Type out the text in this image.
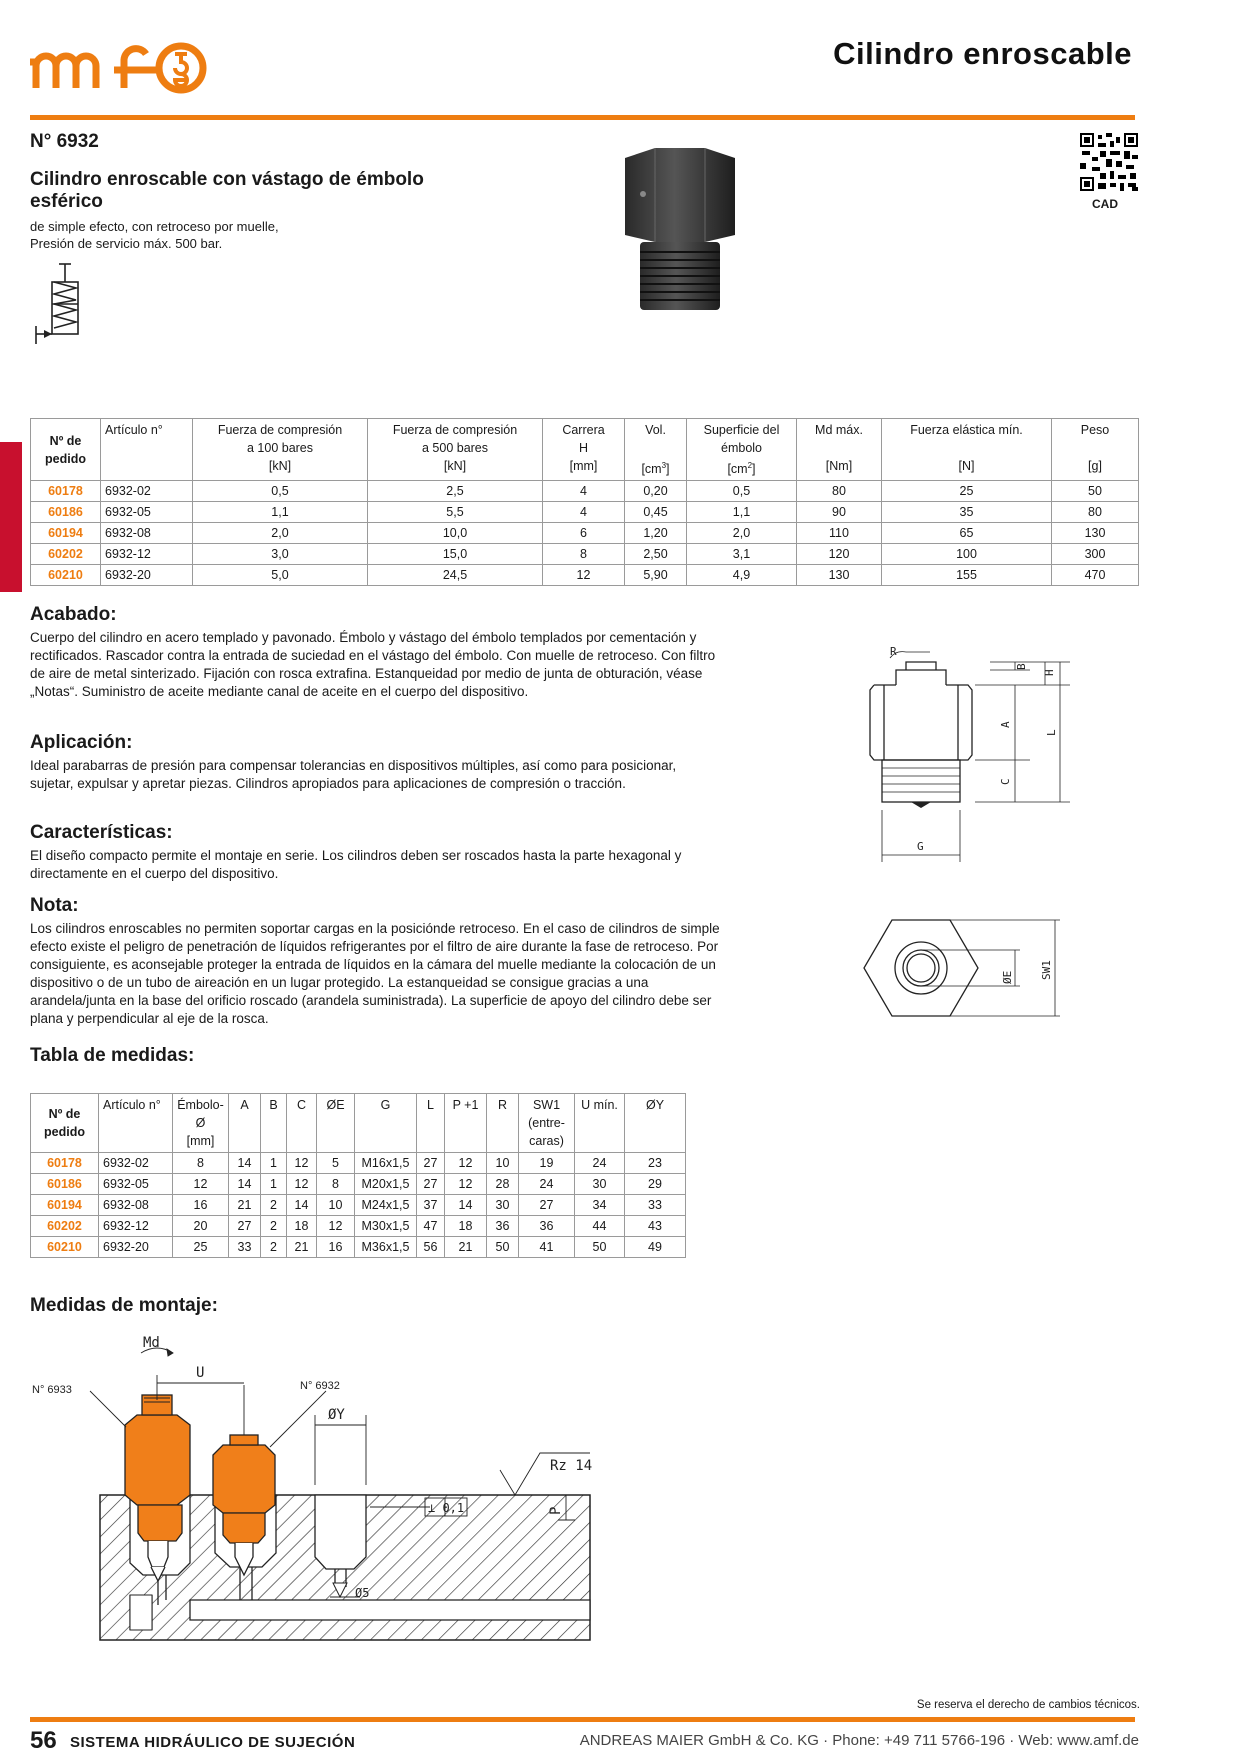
Cilindro enroscable
N° 6932
Cilindro enroscable con vástago de émbolo esférico
de simple efecto, con retroceso por muelle,
Presión de servicio máx. 500 bar.
CAD
Nº de pedido	Artículo n°	Fuerza de compresión
a 100 bares
[kN]	Fuerza de compresión
a 500 bares
[kN]	Carrera
H
[mm]	Vol.

$[cm^3]$	Superficie del
émbolo
$[cm^2]$	Md máx.

[Nm]	Fuerza elástica mín.

[N]	Peso

[g]
60178	6932-02	0,5	2,5	4	0,20	0,5	80	25	50
60186	6932-05	1,1	5,5	4	0,45	1,1	90	35	80
60194	6932-08	2,0	10,0	6	1,20	2,0	110	65	130
60202	6932-12	3,0	15,0	8	2,50	3,1	120	100	300
60210	6932-20	5,0	24,5	12	5,90	4,9	130	155	470
Acabado:
Cuerpo del cilindro en acero templado y pavonado. Émbolo y vástago del émbolo templados por cementación y rectificados. Rascador contra la entrada de suciedad en el vástago del émbolo. Con muelle de retroceso. Con filtro de aire de metal sinterizado. Fijación con rosca extrafina. Estanqueidad por medio de junta de obturación, véase „Notas“. Suministro de aceite mediante canal de aceite en el cuerpo del dispositivo.
Aplicación:
Ideal parabarras de presión para compensar tolerancias en dispositivos múltiples, así como para posicionar, sujetar, expulsar y apretar piezas. Cilindros apropiados para aplicaciones de compresión o tracción.
Características:
El diseño compacto permite el montaje en serie. Los cilindros deben ser roscados hasta la parte hexagonal y directamente en el cuerpo del dispositivo.
Nota:
Los cilindros enroscables no permiten soportar cargas en la posiciónde retroceso. En el caso de cilindros de simple efecto existe el peligro de penetración de líquidos refrigerantes por el filtro de aire durante la fase de retroceso. Por consiguiente, es aconsejable proteger la entrada de líquidos en la cámara del muelle mediante la colocación de un dispositivo o de un tubo de aireación en un lugar protegido. La estanqueidad se consigue gracias a una arandela/junta en la base del orificio roscado (arandela suministrada). La superficie de apoyo del cilindro debe ser plana y perpendicular al eje de la rosca.
Tabla de medidas:
R
B
H
A
L
C
G
ØE SW1
Nº de pedido	Artículo n°	Émbolo-
Ø
[mm]	A	B	C	ØE	G	L	P +1	R	SW1
(entre-
caras)	U mín.	ØY
60178	6932-02	8	14	1	12	5	M16x1,5	27	12	10	19	24	23
60186	6932-05	12	14	1	12	8	M20x1,5	27	12	28	24	30	29
60194	6932-08	16	21	2	14	10	M24x1,5	37	14	30	27	34	33
60202	6932-12	20	27	2	18	12	M30x1,5	47	18	36	36	44	43
60210	6932-20	25	33	2	21	16	M36x1,5	56	21	50	41	50	49
Medidas de montaje:
Md
U
ØY
Rz 14
⊥ 0,1	P
Ø5
N° 6933	N° 6932
Se reserva el derecho de cambios técnicos.
56 SISTEMA HIDRÁULICO DE SUJECIÓN	ANDREAS MAIER GmbH & Co. KG · Phone: +49 711 5766-196 · Web: www.amf.de
